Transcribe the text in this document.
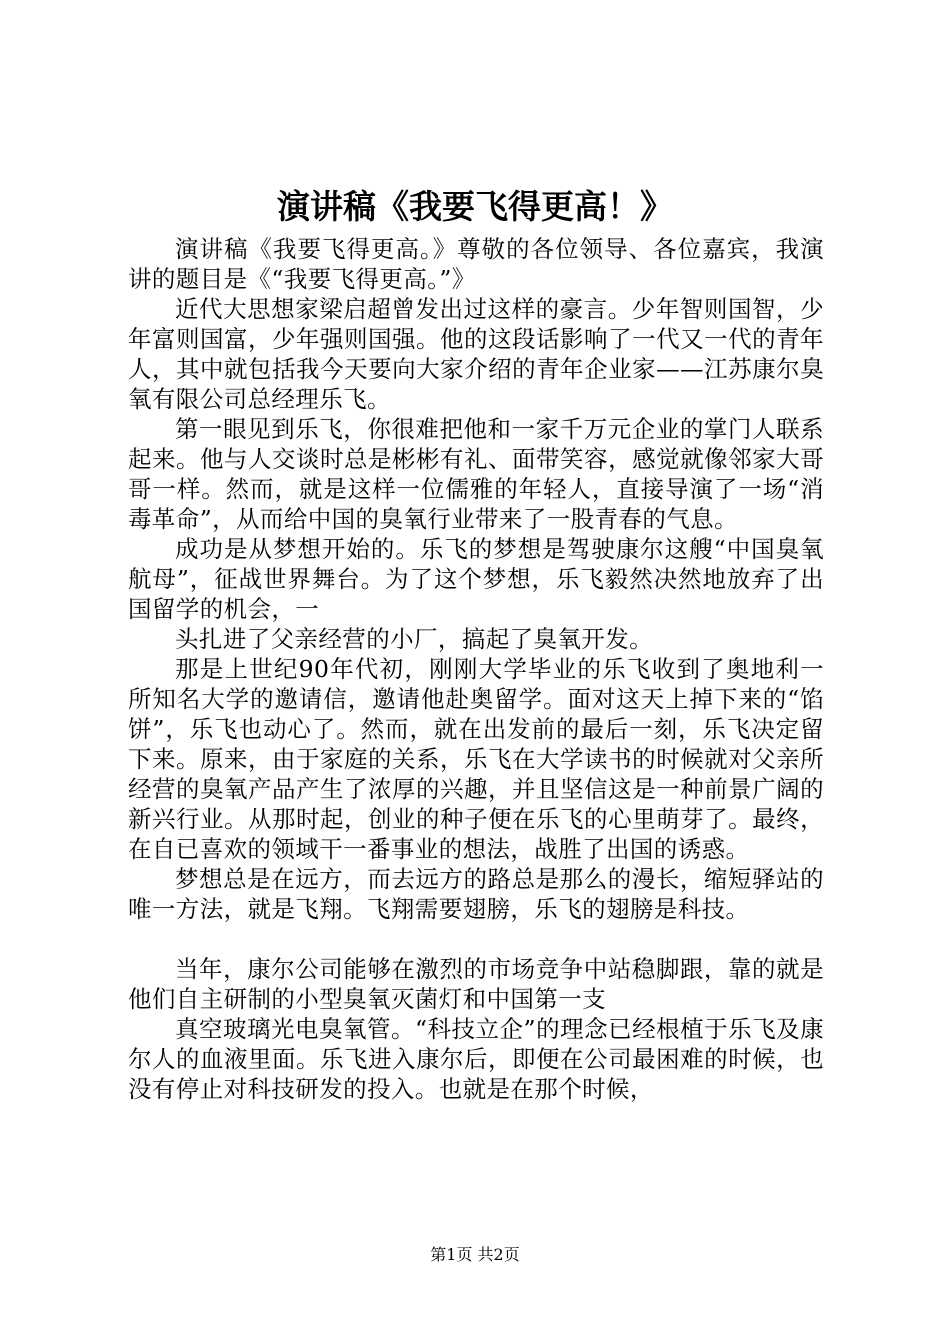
演讲稿《我要飞得更高！》

演讲稿《我要飞得更高。》尊敬的各位领导、各位嘉宾，我演讲的题目是《“我要飞得更高。”》

近代大思想家梁启超曾发出过这样的豪言。少年智则国智，少年富则国富，少年强则国强。他的这段话影响了一代又一代的青年人，其中就包括我今天要向大家介绍的青年企业家——江苏康尔臭氧有限公司总经理乐飞。

第一眼见到乐飞，你很难把他和一家千万元企业的掌门人联系起来。他与人交谈时总是彬彬有礼、面带笑容，感觉就像邻家大哥哥一样。然而，就是这样一位儒雅的年轻人，直接导演了一场“消毒革命”，从而给中国的臭氧行业带来了一股青春的气息。

成功是从梦想开始的。乐飞的梦想是驾驶康尔这艘“中国臭氧航母”，征战世界舞台。为了这个梦想，乐飞毅然决然地放弃了出国留学的机会，一

头扎进了父亲经营的小厂，搞起了臭氧开发。

那是上世纪90年代初，刚刚大学毕业的乐飞收到了奥地利一所知名大学的邀请信，邀请他赴奥留学。面对这天上掉下来的“馅饼”，乐飞也动心了。然而，就在出发前的最后一刻，乐飞决定留下来。原来，由于家庭的关系，乐飞在大学读书的时候就对父亲所经营的臭氧产品产生了浓厚的兴趣，并且坚信这是一种前景广阔的新兴行业。从那时起，创业的种子便在乐飞的心里萌芽了。最终，在自已喜欢的领域干一番事业的想法，战胜了出国的诱惑。

梦想总是在远方，而去远方的路总是那么的漫长，缩短驿站的唯一方法，就是飞翔。飞翔需要翅膀，乐飞的翅膀是科技。

当年，康尔公司能够在激烈的市场竞争中站稳脚跟，靠的就是他们自主研制的小型臭氧灭菌灯和中国第一支

真空玻璃光电臭氧管。“科技立企”的理念已经根植于乐飞及康尔人的血液里面。乐飞进入康尔后，即便在公司最困难的时候，也没有停止对科技研发的投入。也就是在那个时候，

第1页 共2页
